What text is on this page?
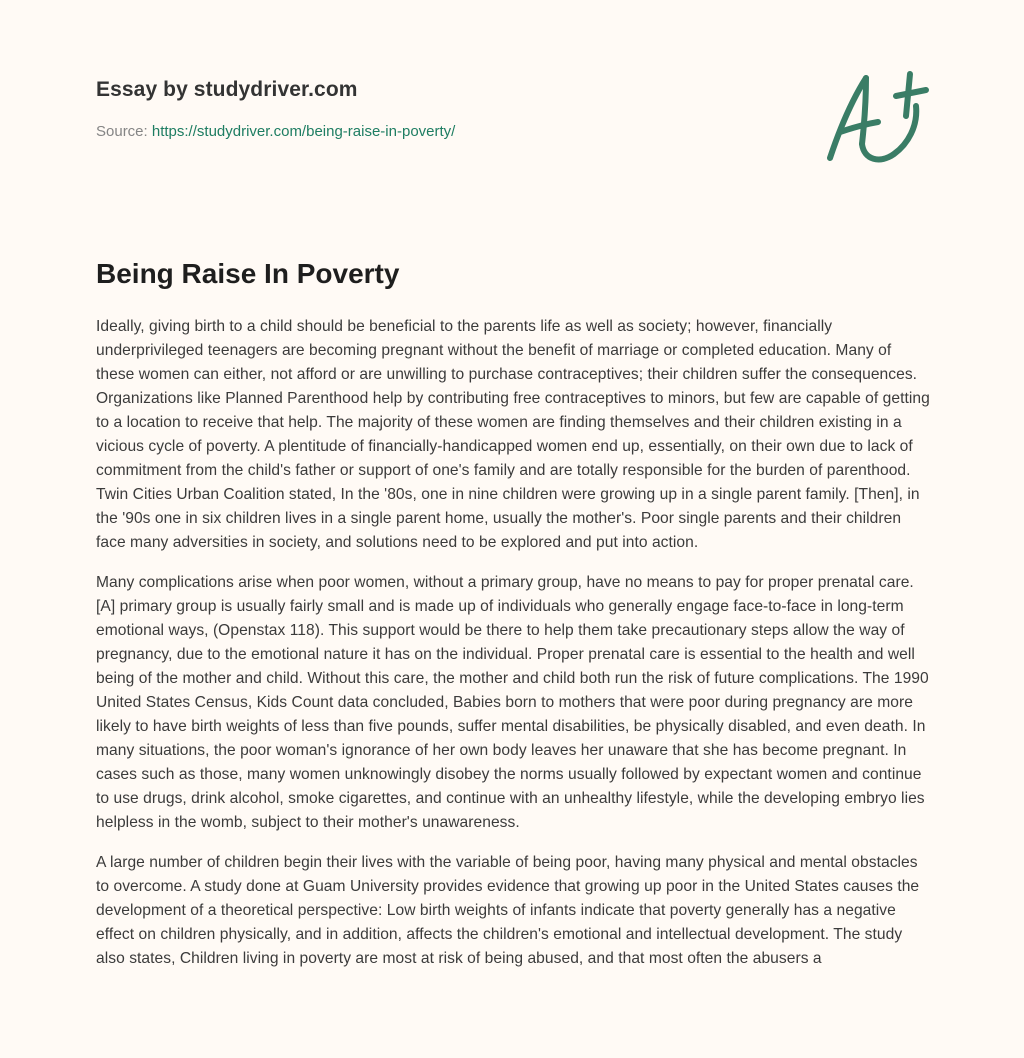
Essay by studydriver.com
Source: https://studydriver.com/being-raise-in-poverty/
Being Raise In Poverty

Ideally, giving birth to a child should be beneficial to the parents life as well as society; however, financially underprivileged teenagers are becoming pregnant without the benefit of marriage or completed education. Many of these women can either, not afford or are unwilling to purchase contraceptives; their children suffer the consequences. Organizations like Planned Parenthood help by contributing free contraceptives to minors, but few are capable of getting to a location to receive that help. The majority of these women are finding themselves and their children existing in a vicious cycle of poverty. A plentitude of financially-handicapped women end up, essentially, on their own due to lack of commitment from the child's father or support of one's family and are totally responsible for the burden of parenthood. Twin Cities Urban Coalition stated, In the '80s, one in nine children were growing up in a single parent family. [Then], in the '90s one in six children lives in a single parent home, usually the mother's. Poor single parents and their children face many adversities in society, and solutions need to be explored and put into action.

Many complications arise when poor women, without a primary group, have no means to pay for proper prenatal care. [A] primary group is usually fairly small and is made up of individuals who generally engage face-to-face in long-term emotional ways, (Openstax 118). This support would be there to help them take precautionary steps allow the way of pregnancy, due to the emotional nature it has on the individual. Proper prenatal care is essential to the health and well being of the mother and child. Without this care, the mother and child both run the risk of future complications. The 1990 United States Census, Kids Count data concluded, Babies born to mothers that were poor during pregnancy are more likely to have birth weights of less than five pounds, suffer mental disabilities, be physically disabled, and even death. In many situations, the poor woman's ignorance of her own body leaves her unaware that she has become pregnant. In cases such as those, many women unknowingly disobey the norms usually followed by expectant women and continue to use drugs, drink alcohol, smoke cigarettes, and continue with an unhealthy lifestyle, while the developing embryo lies helpless in the womb, subject to their mother's unawareness.

A large number of children begin their lives with the variable of being poor, having many physical and mental obstacles to overcome. A study done at Guam University provides evidence that growing up poor in the United States causes the development of a theoretical perspective: Low birth weights of infants indicate that poverty generally has a negative effect on children physically, and in addition, affects the children's emotional and intellectual development. The study also states, Children living in poverty are most at risk of being abused, and that most often the abusers a
